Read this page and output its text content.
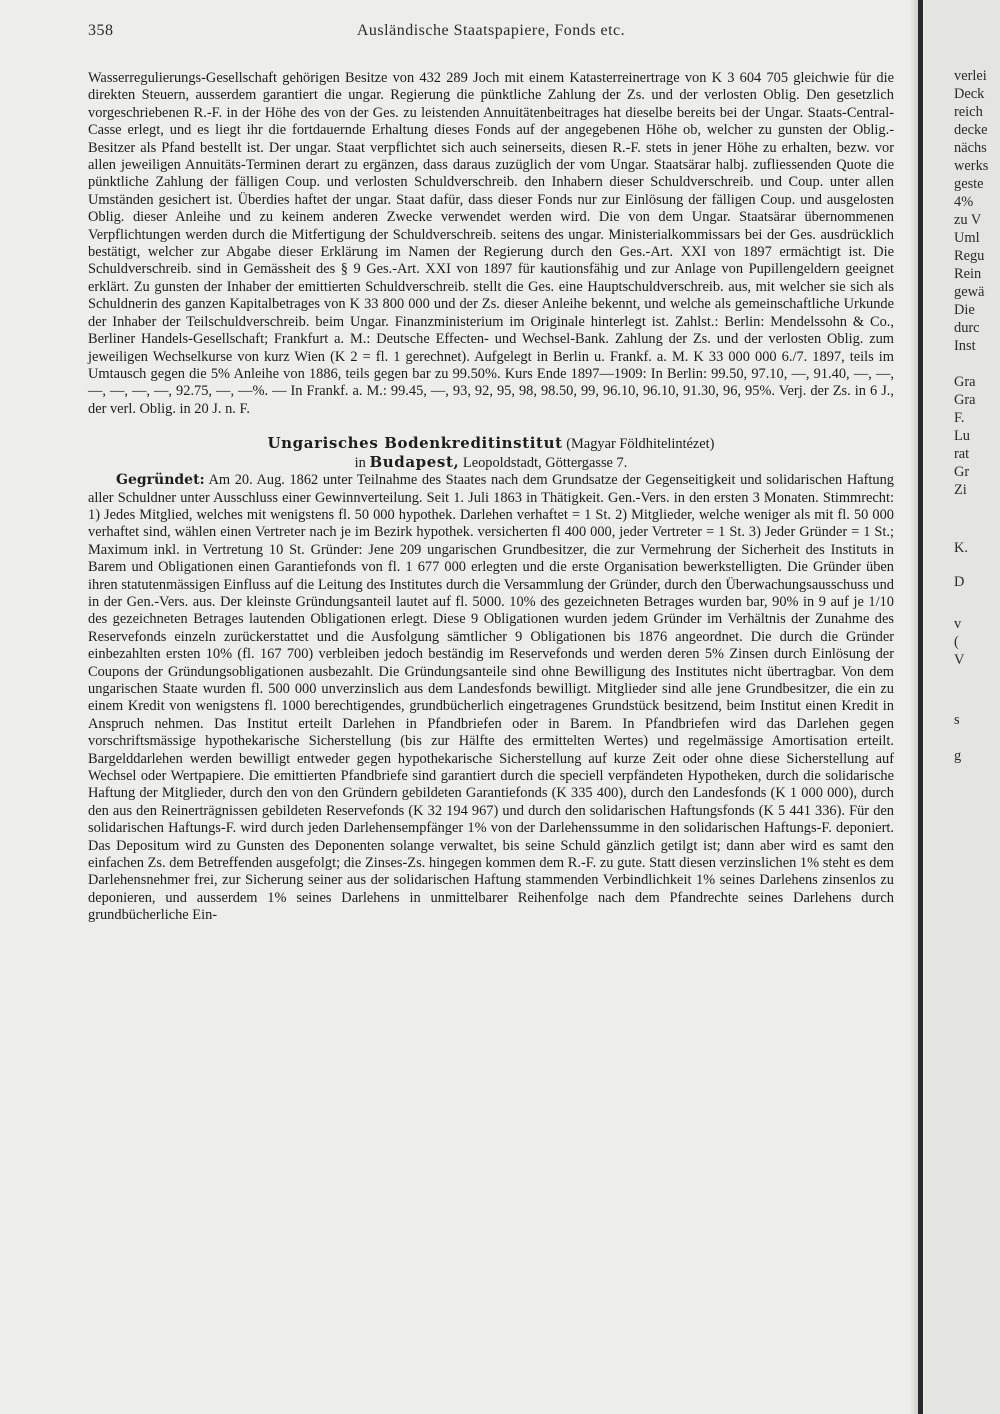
358	Ausländische Staatspapiere, Fonds etc.

Wasserregulierungs-Gesellschaft gehörigen Besitze von 432 289 Joch mit einem Katasterreinertrage von K 3 604 705 gleichwie für die direkten Steuern, ausserdem garantiert die ungar. Regierung die pünktliche Zahlung der Zs. und der verlosten Oblig. Den gesetzlich vorgeschriebenen R.-F. in der Höhe des von der Ges. zu leistenden Annuitätenbeitrages hat dieselbe bereits bei der Ungar. Staats-Central-Casse erlegt, und es liegt ihr die fortdauernde Erhaltung dieses Fonds auf der angegebenen Höhe ob, welcher zu gunsten der Oblig.-Besitzer als Pfand bestellt ist. Der ungar. Staat verpflichtet sich auch seinerseits, diesen R.-F. stets in jener Höhe zu erhalten, bezw. vor allen jeweiligen Annuitäts-Terminen derart zu ergänzen, dass daraus zuzüglich der vom Ungar. Staatsärar halbj. zufliessenden Quote die pünktliche Zahlung der fälligen Coup. und verlosten Schuldverschreib. den Inhabern dieser Schuldverschreib. und Coup. unter allen Umständen gesichert ist. Überdies haftet der ungar. Staat dafür, dass dieser Fonds nur zur Einlösung der fälligen Coup. und ausgelosten Oblig. dieser Anleihe und zu keinem anderen Zwecke verwendet werden wird. Die von dem Ungar. Staatsärar übernommenen Verpflichtungen werden durch die Mitfertigung der Schuldverschreib. seitens des ungar. Ministerialkommissars bei der Ges. ausdrücklich bestätigt, welcher zur Abgabe dieser Erklärung im Namen der Regierung durch den Ges.-Art. XXI von 1897 ermächtigt ist. Die Schuldverschreib. sind in Gemässheit des § 9 Ges.-Art. XXI von 1897 für kautionsfähig und zur Anlage von Pupillengeldern geeignet erklärt. Zu gunsten der Inhaber der emittierten Schuldverschreib. stellt die Ges. eine Hauptschuldverschreib. aus, mit welcher sie sich als Schuldnerin des ganzen Kapitalbetrages von K 33 800 000 und der Zs. dieser Anleihe bekennt, und welche als gemeinschaftliche Urkunde der Inhaber der Teilschuldverschreib. beim Ungar. Finanzministerium im Originale hinterlegt ist. Zahlst.: Berlin: Mendelssohn & Co., Berliner Handels-Gesellschaft; Frankfurt a. M.: Deutsche Effecten- und Wechsel-Bank. Zahlung der Zs. und der verlosten Oblig. zum jeweiligen Wechselkurse von kurz Wien (K 2 = fl. 1 gerechnet). Aufgelegt in Berlin u. Frankf. a. M. K 33 000 000 6./7. 1897, teils im Umtausch gegen die 5% Anleihe von 1886, teils gegen bar zu 99.50%. Kurs Ende 1897—1909: In Berlin: 99.50, 97.10, —, 91.40, —, —, —, —, —, —, 92.75, —, —%. — In Frankf. a. M.: 99.45, —, 93, 92, 95, 98, 98.50, 99, 96.10, 96.10, 91.30, 96, 95%. Verj. der Zs. in 6 J., der verl. Oblig. in 20 J. n. F.

Ungarisches Bodenkreditinstitut (Magyar Földhitelintézet)
in Budapest, Leopoldstadt, Göttergasse 7.

Gegründet: Am 20. Aug. 1862 unter Teilnahme des Staates nach dem Grundsatze der Gegenseitigkeit und solidarischen Haftung aller Schuldner unter Ausschluss einer Gewinnverteilung. Seit 1. Juli 1863 in Thätigkeit. Gen.-Vers. in den ersten 3 Monaten. Stimmrecht: 1) Jedes Mitglied, welches mit wenigstens fl. 50 000 hypothek. Darlehen verhaftet = 1 St. 2) Mitglieder, welche weniger als mit fl. 50 000 verhaftet sind, wählen einen Vertreter nach je im Bezirk hypothek. versicherten fl 400 000, jeder Vertreter = 1 St. 3) Jeder Gründer = 1 St.; Maximum inkl. in Vertretung 10 St. Gründer: Jene 209 ungarischen Grundbesitzer, die zur Vermehrung der Sicherheit des Instituts in Barem und Obligationen einen Garantiefonds von fl. 1 677 000 erlegten und die erste Organisation bewerkstelligten. Die Gründer üben ihren statutenmässigen Einfluss auf die Leitung des Institutes durch die Versammlung der Gründer, durch den Überwachungsausschuss und in der Gen.-Vers. aus. Der kleinste Gründungsanteil lautet auf fl. 5000. 10% des gezeichneten Betrages wurden bar, 90% in 9 auf je 1/10 des gezeichneten Betrages lautenden Obligationen erlegt. Diese 9 Obligationen wurden jedem Gründer im Verhältnis der Zunahme des Reservefonds einzeln zurückerstattet und die Ausfolgung sämtlicher 9 Obligationen bis 1876 angeordnet. Die durch die Gründer einbezahlten ersten 10% (fl. 167 700) verbleiben jedoch beständig im Reservefonds und werden deren 5% Zinsen durch Einlösung der Coupons der Gründungsobligationen ausbezahlt. Die Gründungsanteile sind ohne Bewilligung des Institutes nicht übertragbar. Von dem ungarischen Staate wurden fl. 500 000 unverzinslich aus dem Landesfonds bewilligt. Mitglieder sind alle jene Grundbesitzer, die ein zu einem Kredit von wenigstens fl. 1000 berechtigendes, grundbücherlich eingetragenes Grundstück besitzend, beim Institut einen Kredit in Anspruch nehmen. Das Institut erteilt Darlehen in Pfandbriefen oder in Barem. In Pfandbriefen wird das Darlehen gegen vorschriftsmässige hypothekarische Sicherstellung (bis zur Hälfte des ermittelten Wertes) und regelmässige Amortisation erteilt. Bargelddarlehen werden bewilligt entweder gegen hypothekarische Sicherstellung auf kurze Zeit oder ohne diese Sicherstellung auf Wechsel oder Wertpapiere. Die emittierten Pfandbriefe sind garantiert durch die speciell verpfändeten Hypotheken, durch die solidarische Haftung der Mitglieder, durch den von den Gründern gebildeten Garantiefonds (K 335 400), durch den Landesfonds (K 1 000 000), durch den aus den Reinerträgnissen gebildeten Reservefonds (K 32 194 967) und durch den solidarischen Haftungsfonds (K 5 441 336). Für den solidarischen Haftungs-F. wird durch jeden Darlehensempfänger 1% von der Darlehenssumme in den solidarischen Haftungs-F. deponiert. Das Depositum wird zu Gunsten des Deponenten solange verwaltet, bis seine Schuld gänzlich getilgt ist; dann aber wird es samt den einfachen Zs. dem Betreffenden ausgefolgt; die Zinses-Zs. hingegen kommen dem R.-F. zu gute. Statt diesen verzinslichen 1% steht es dem Darlehensnehmer frei, zur Sicherung seiner aus der solidarischen Haftung stammenden Verbindlichkeit 1% seines Darlehens zinsenlos zu deponieren, und ausserdem 1% seines Darlehens in unmittelbarer Reihenfolge nach dem Pfandrechte seines Darlehens durch grundbücherliche Ein-

verlei
Deck
reich
decke
nächs
werks
geste
4%
zu V
Uml
Regu
Rein
gewä
Die
durc
Inst
Gra
Gra
F.
Lu
rat
Gr
Zi
K.
D
v
(
V
s
g
